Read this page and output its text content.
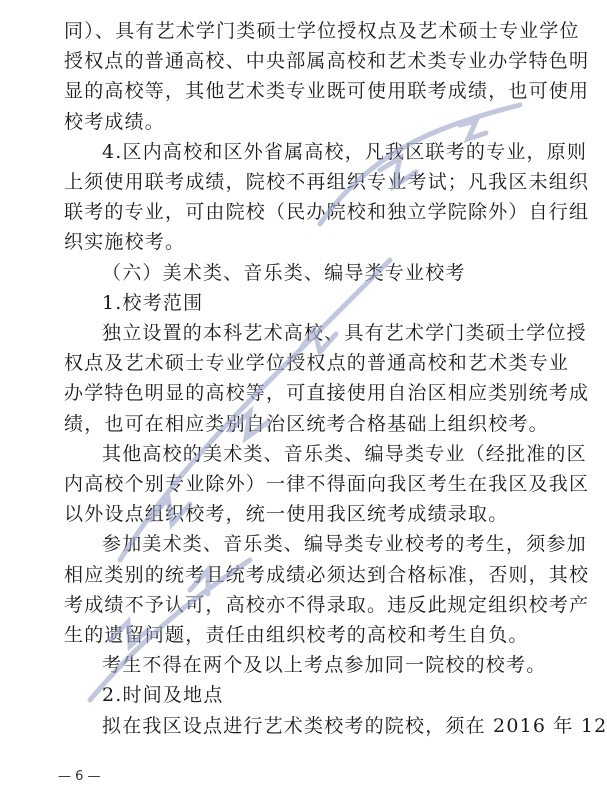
同）、具有艺术学门类硕士学位授权点及艺术硕士专业学位
授权点的普通高校、中央部属高校和艺术类专业办学特色明
显的高校等，其他艺术类专业既可使用联考成绩，也可使用
校考成绩。
4.区内高校和区外省属高校，凡我区联考的专业，原则
上须使用联考成绩，院校不再组织专业考试；凡我区未组织
联考的专业，可由院校（民办院校和独立学院除外）自行组
织实施校考。
（六）美术类、音乐类、编导类专业校考
1.校考范围
独立设置的本科艺术高校、具有艺术学门类硕士学位授
权点及艺术硕士专业学位授权点的普通高校和艺术类专业
办学特色明显的高校等，可直接使用自治区相应类别统考成
绩，也可在相应类别自治区统考合格基础上组织校考。
其他高校的美术类、音乐类、编导类专业（经批准的区
内高校个别专业除外）一律不得面向我区考生在我区及我区
以外设点组织校考，统一使用我区统考成绩录取。
参加美术类、音乐类、编导类专业校考的考生，须参加
相应类别的统考且统考成绩必须达到合格标准，否则，其校
考成绩不予认可，高校亦不得录取。违反此规定组织校考产
生的遗留问题，责任由组织校考的高校和考生自负。
考生不得在两个及以上考点参加同一院校的校考。
2.时间及地点
拟在我区设点进行艺术类校考的院校，须在 2016 年 12
— 6 —
